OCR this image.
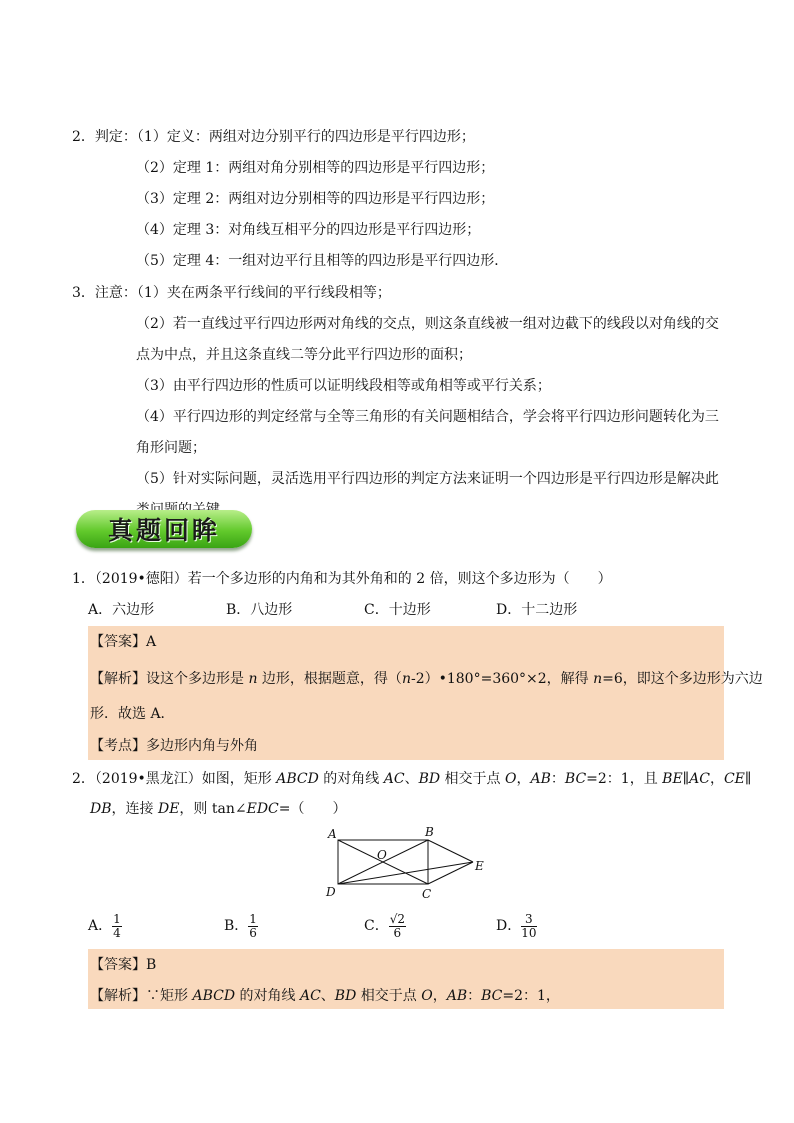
2．判定：（1）定义：两组对边分别平行的四边形是平行四边形；
（2）定理 1：两组对角分别相等的四边形是平行四边形；
（3）定理 2：两组对边分别相等的四边形是平行四边形；
（4）定理 3：对角线互相平分的四边形是平行四边形；
（5）定理 4：一组对边平行且相等的四边形是平行四边形．
3．注意：（1）夹在两条平行线间的平行线段相等；
（2）若一直线过平行四边形两对角线的交点，则这条直线被一组对边截下的线段以对角线的交
点为中点，并且这条直线二等分此平行四边形的面积；
（3）由平行四边形的性质可以证明线段相等或角相等或平行关系；
（4）平行四边形的判定经常与全等三角形的有关问题相结合，学会将平行四边形问题转化为三
角形问题；
（5）针对实际问题，灵活选用平行四边形的判定方法来证明一个四边形是平行四边形是解决此
真题回眸
1．（2019•德阳）若一个多边形的内角和为其外角和的 2 倍，则这个多边形为（　　）
A．六边形	B．八边形	C．十边形	D．十二边形
【答案】A
【解析】设这个多边形是 n 边形，根据题意，得（n-2）•180°=360°×2，解得 n=6，即这个多边形为六边
形．故选 A．
【考点】多边形内角与外角
2．（2019•黑龙江）如图，矩形 ABCD 的对角线 AC、BD 相交于点 O，AB：BC=2：1，且 BE∥AC，CE∥
DB，连接 DE，则 tan∠EDC=（　　）
A	B
C
D
E
O
A． $\frac{1}{4}$	B． $\frac{1}{6}$	C． $\frac{√2}{6}$	D． $\frac{3}{10}$
【答案】B
【解析】∵矩形 ABCD 的对角线 AC、BD 相交于点 O，AB：BC=2：1，
